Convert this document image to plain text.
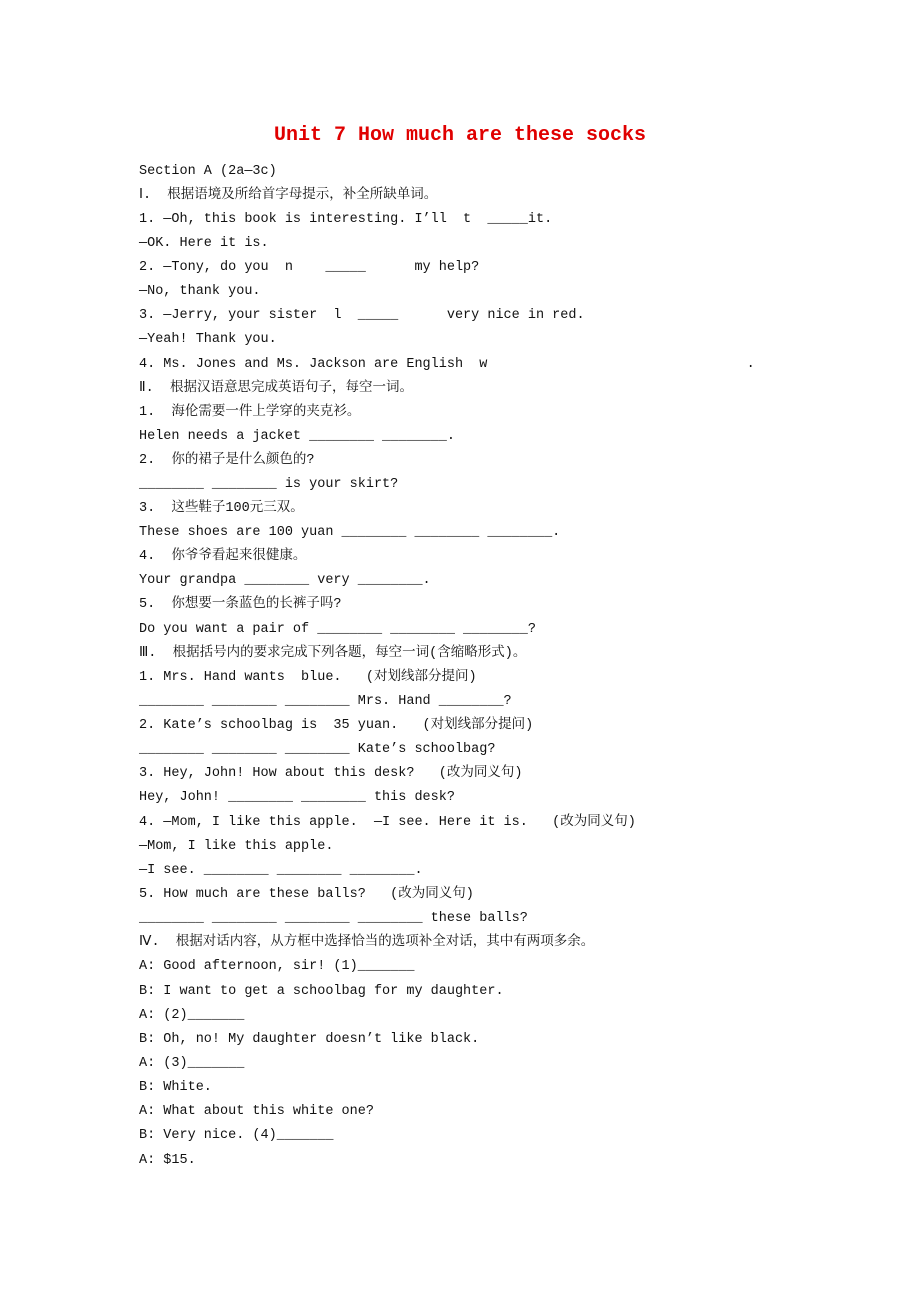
Unit 7 How much are these socks
Section A (2a—3c)
Ⅰ.  根据语境及所给首字母提示，补全所缺单词。
1. —Oh, this book is interesting. I’ll  t  _____it.
—OK. Here it is.
2. —Tony, do you  n    _____      my help?
—No, thank you.
3. —Jerry, your sister  l  _____      very nice in red.
—Yeah! Thank you.
4. Ms. Jones and Ms. Jackson are English  w                                .
Ⅱ.  根据汉语意思完成英语句子，每空一词。
1.  海伦需要一件上学穿的夹克衫。
Helen needs a jacket ________ ________.
2.  你的裙子是什么颜色的?
________ ________ is your skirt?
3.  这些鞋子100元三双。
These shoes are 100 yuan ________ ________ ________.
4.  你爷爷看起来很健康。
Your grandpa ________ very ________.
5.  你想要一条蓝色的长裤子吗?
Do you want a pair of ________ ________ ________?
Ⅲ.  根据括号内的要求完成下列各题，每空一词(含缩略形式)。
1. Mrs. Hand wants  blue.   (对划线部分提问)
________ ________ ________ Mrs. Hand ________?
2. Kate’s schoolbag is  35 yuan.   (对划线部分提问)
________ ________ ________ Kate’s schoolbag?
3. Hey, John! How about this desk?   (改为同义句)
Hey, John! ________ ________ this desk?
4. —Mom, I like this apple.  —I see. Here it is.   (改为同义句)
—Mom, I like this apple.
—I see. ________ ________ ________.
5. How much are these balls?   (改为同义句)
________ ________ ________ ________ these balls?
Ⅳ.  根据对话内容，从方框中选择恰当的选项补全对话，其中有两项多余。
A: Good afternoon, sir! (1)_______
B: I want to get a schoolbag for my daughter.
A: (2)_______
B: Oh, no! My daughter doesn’t like black.
A: (3)_______
B: White.
A: What about this white one?
B: Very nice. (4)_______
A: $15.
